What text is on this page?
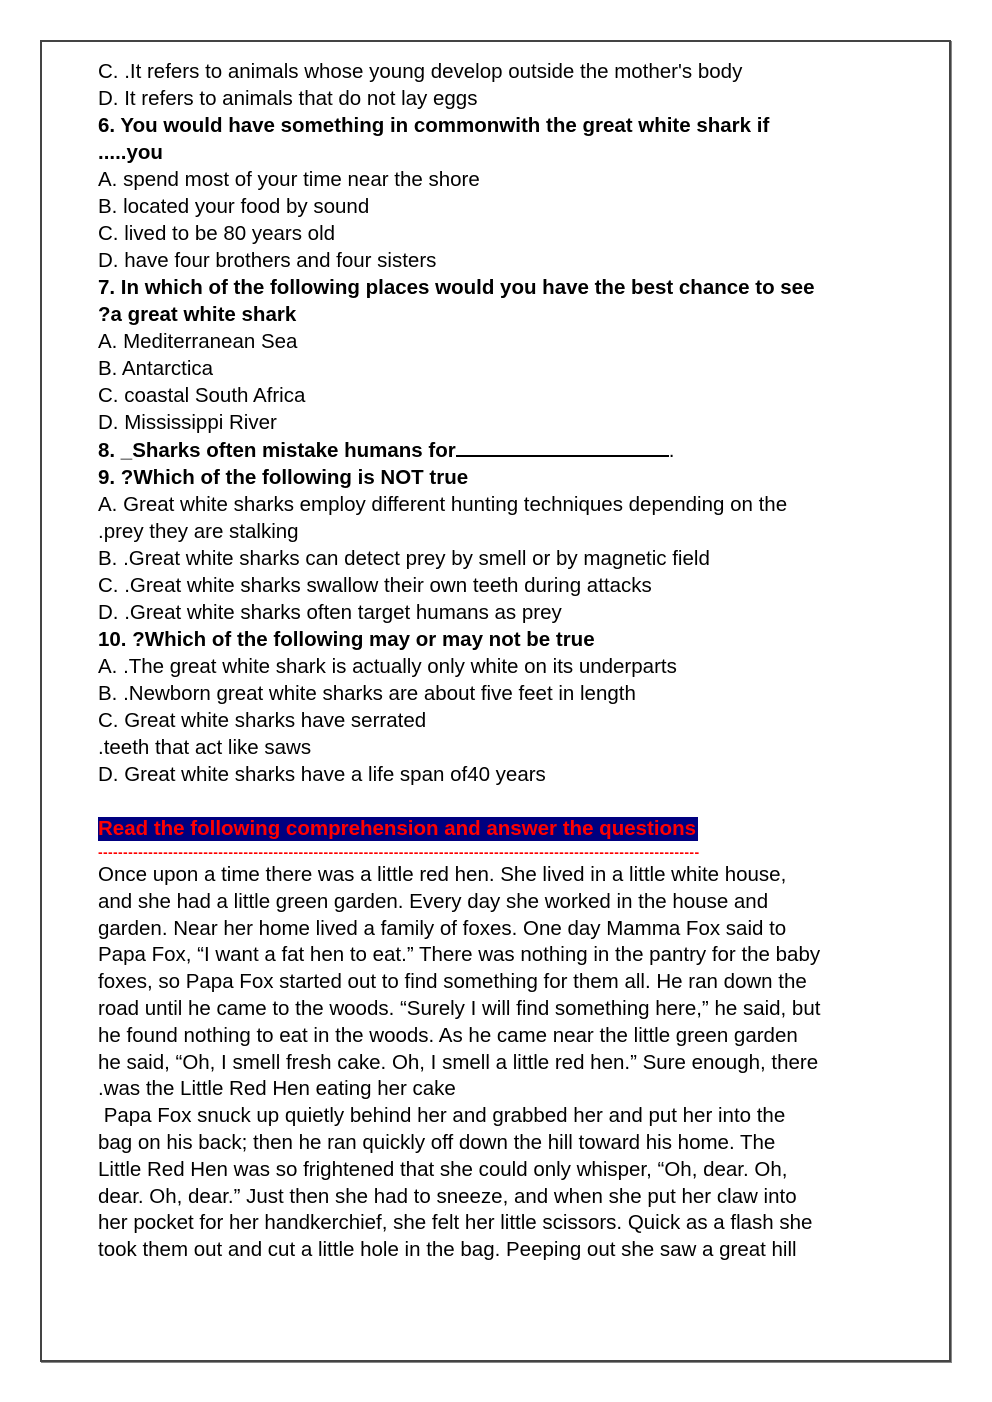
C. .It refers to animals whose young develop outside the mother's body
D. It refers to animals that do not lay eggs
6. You would have something in commonwith the great white shark if
.....you
A. spend most of your time near the shore
B. located your food by sound
C. lived to be 80 years old
D. have four brothers and four sisters
7. In which of the following places would you have the best chance to see
?a great white shark
A. Mediterranean Sea
B. Antarctica
C. coastal South Africa
D. Mississippi River
8. _Sharks often mistake humans for	.
9. ?Which of the following is NOT true
A. Great white sharks employ different hunting techniques depending on the
.prey they are stalking
B. .Great white sharks can detect prey by smell or by magnetic field
C. .Great white sharks swallow their own teeth during attacks
D. .Great white sharks often target humans as prey
10. ?Which of the following may or may not be true
A. .The great white shark is actually only white on its underparts
B. .Newborn great white sharks are about five feet in length
C. Great white sharks have serrated
.teeth that act like saws
D. Great white sharks have a life span of40 years
Read the following comprehension and answer the questions
------------------------------------------------------------------------------------------------------------------------
Once upon a time there was a little red hen. She lived in a little white house,
and she had a little green garden. Every day she worked in the house and
garden. Near her home lived a family of foxes. One day Mamma Fox said to
Papa Fox, “I want a fat hen to eat.” There was nothing in the pantry for the baby
foxes, so Papa Fox started out to find something for them all. He ran down the
road until he came to the woods. “Surely I will find something here,” he said, but
he found nothing to eat in the woods. As he came near the little green garden
he said, “Oh, I smell fresh cake. Oh, I smell a little red hen.” Sure enough, there
.was the Little Red Hen eating her cake
Papa Fox snuck up quietly behind her and grabbed her and put her into the
bag on his back; then he ran quickly off down the hill toward his home. The
Little Red Hen was so frightened that she could only whisper, “Oh, dear. Oh,
dear. Oh, dear.” Just then she had to sneeze, and when she put her claw into
her pocket for her handkerchief, she felt her little scissors. Quick as a flash she
took them out and cut a little hole in the bag. Peeping out she saw a great hill
